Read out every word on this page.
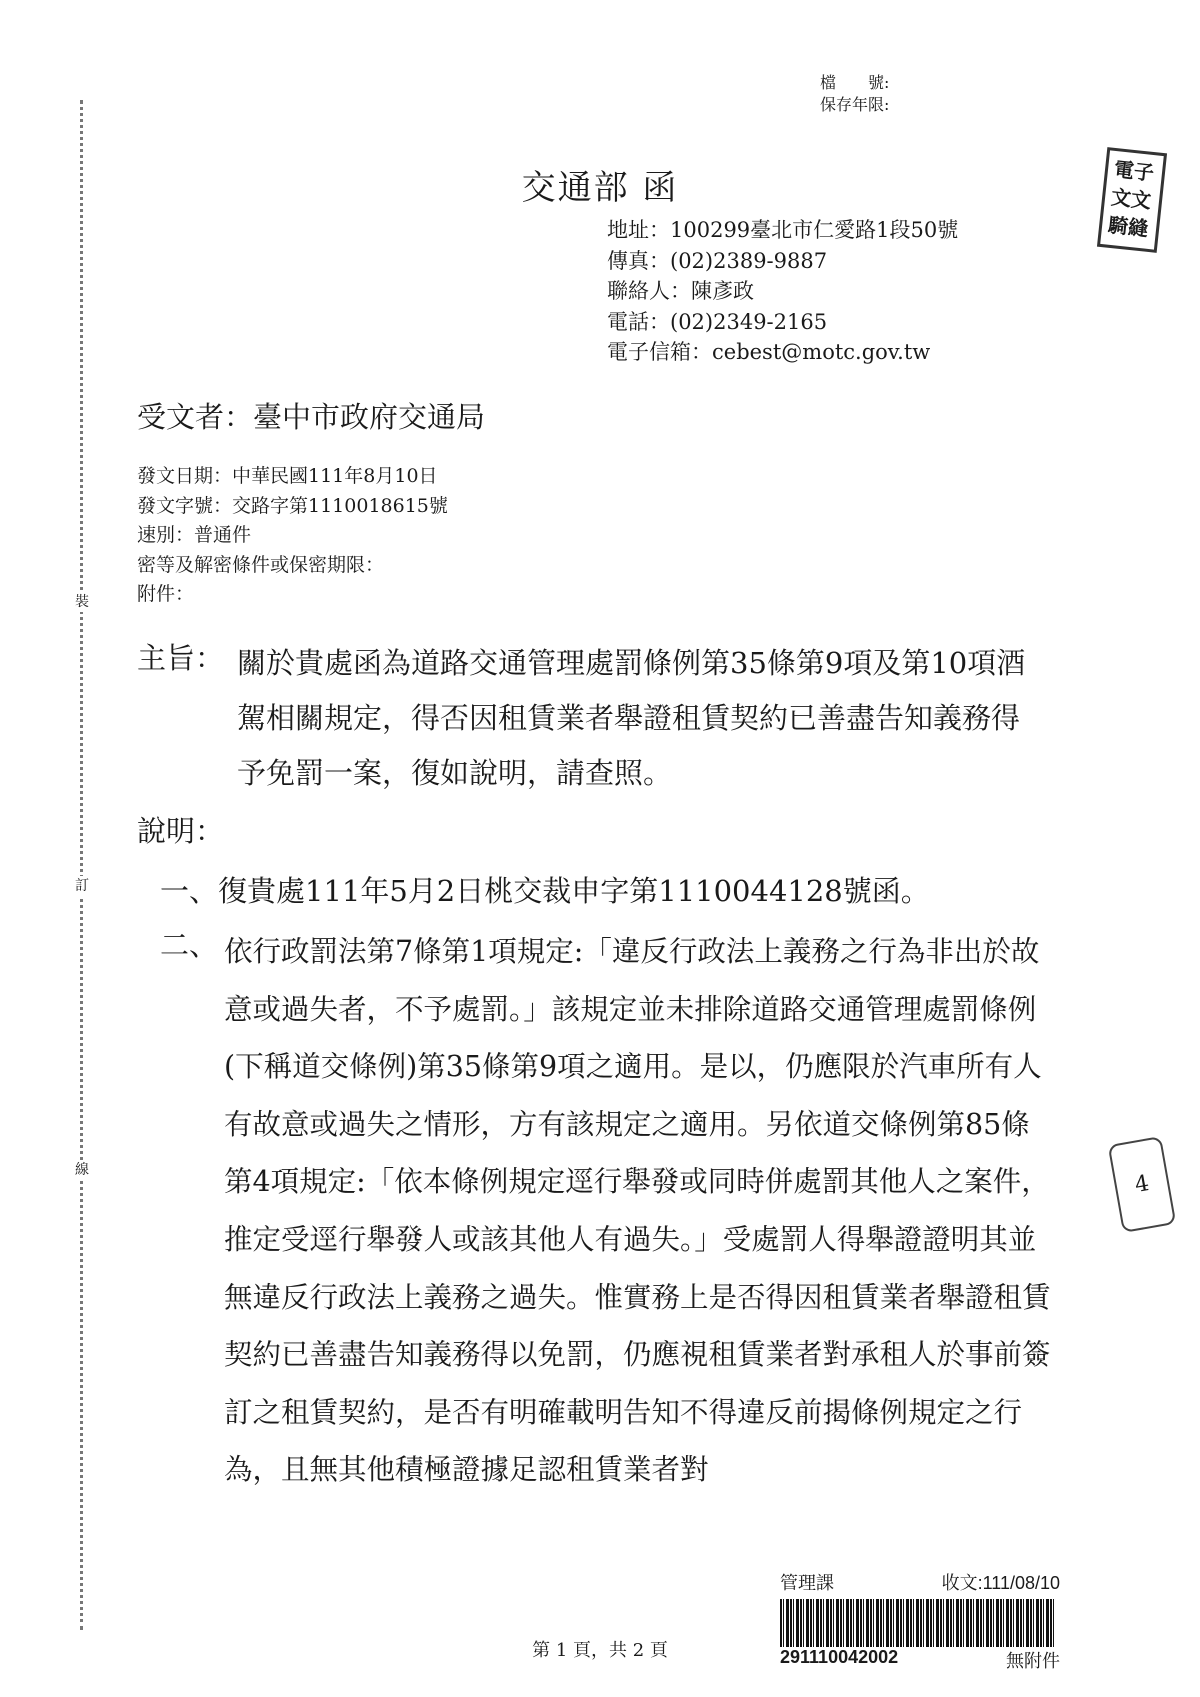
裝
訂
線
檔　　號:
保存年限:
交通部 函
地址：100299臺北市仁愛路1段50號
傳真：(02)2389-9887
聯絡人：陳彥政
電話：(02)2349-2165
電子信箱：cebest@motc.gov.tw
受文者：臺中市政府交通局
發文日期：中華民國111年8月10日
發文字號：交路字第1110018615號
速別：普通件
密等及解密條件或保密期限：
附件：
主旨： 關於貴處函為道路交通管理處罰條例第35條第9項及第10項酒駕相關規定，得否因租賃業者舉證租賃契約已善盡告知義務得予免罰一案，復如說明，請查照。
說明：
一、復貴處111年5月2日桃交裁申字第1110044128號函。
二、 依行政罰法第7條第1項規定:「違反行政法上義務之行為非出於故意或過失者，不予處罰。」該規定並未排除道路交通管理處罰條例(下稱道交條例)第35條第9項之適用。是以，仍應限於汽車所有人有故意或過失之情形，方有該規定之適用。另依道交條例第85條第4項規定:「依本條例規定逕行舉發或同時併處罰其他人之案件，推定受逕行舉發人或該其他人有過失。」受處罰人得舉證證明其並無違反行政法上義務之過失。惟實務上是否得因租賃業者舉證租賃契約已善盡告知義務得以免罰，仍應視租賃業者對承租人於事前簽訂之租賃契約，是否有明確載明告知不得違反前揭條例規定之行為，且無其他積極證據足認租賃業者對
第 1 頁，共 2 頁
管理課	收文:111/08/10
291110042002	無附件
電子
文文
騎縫
4
